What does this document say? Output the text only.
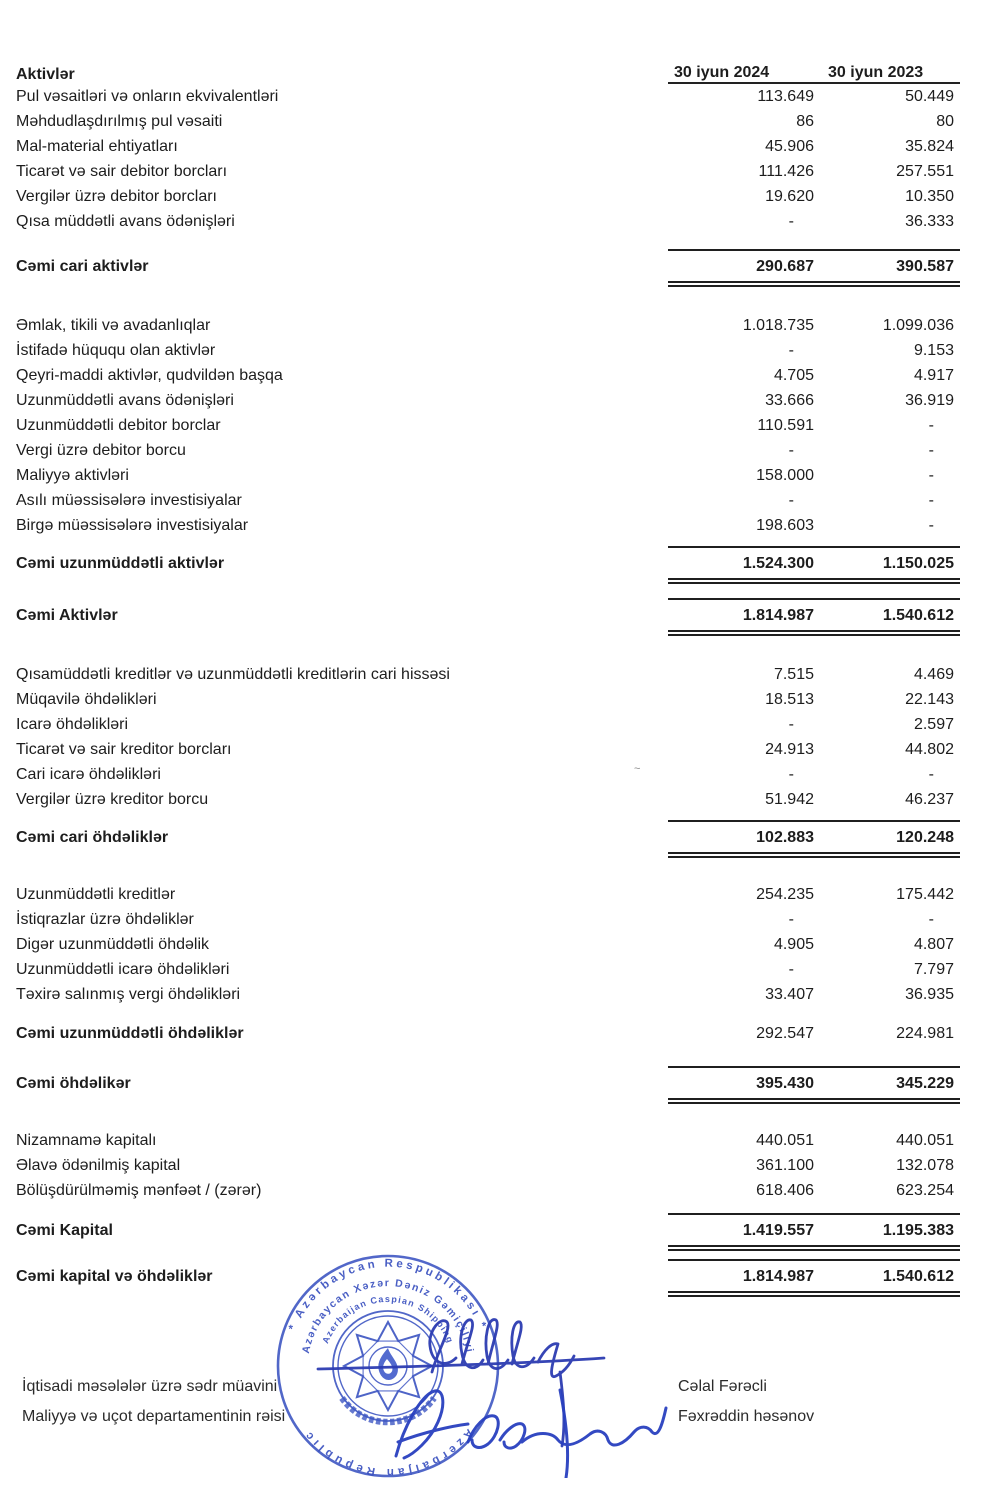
Aktivlər	30 iyun 2024	30 iyun 2023
Pul vəsaitləri və onların ekvivalentləri	113.649	50.449
Məhdudlaşdırılmış pul vəsaiti	86	80
Mal-material ehtiyatları	45.906	35.824
Ticarət və sair debitor borcları	111.426	257.551
Vergilər üzrə debitor borcları	19.620	10.350
Qısa müddətli avans ödənişləri	-	36.333
Cəmi cari aktivlər	290.687	390.587
Əmlak, tikili və avadanlıqlar	1.018.735	1.099.036
İstifadə hüququ olan aktivlər	-	9.153
Qeyri-maddi aktivlər, qudvildən başqa	4.705	4.917
Uzunmüddətli avans ödənişləri	33.666	36.919
Uzunmüddətli debitor borclar	110.591	-
Vergi üzrə debitor borcu	-	-
Maliyyə aktivləri	158.000	-
Asılı müəssisələrə investisiyalar	-	-
Birgə müəssisələrə investisiyalar	198.603	-
Cəmi uzunmüddətli aktivlər	1.524.300	1.150.025
Cəmi Aktivlər	1.814.987	1.540.612
Qısamüddətli kreditlər və uzunmüddətli kreditlərin cari hissəsi	7.515	4.469
Müqavilə öhdəlikləri	18.513	22.143
Icarə öhdəlikləri	-	2.597
Ticarət və sair kreditor borcları	24.913	44.802
Cari icarə öhdəlikləri	-	-
Vergilər üzrə kreditor borcu	51.942	46.237
Cəmi cari öhdəliklər	102.883	120.248
Uzunmüddətli kreditlər	254.235	175.442
İstiqrazlar üzrə öhdəliklər	-	-
Digər uzunmüddətli öhdəlik	4.905	4.807
Uzunmüddətli icarə öhdəlikləri	-	7.797
Təxirə salınmış vergi öhdəlikləri	33.407	36.935
Cəmi uzunmüddətli öhdəliklər	292.547	224.981
Cəmi öhdəlikər	395.430	345.229
Nizamnamə kapitalı	440.051	440.051
Əlavə ödənilmiş kapital	361.100	132.078
Bölüşdürülməmiş mənfəət / (zərər)	618.406	623.254
Cəmi Kapital	1.419.557	1.195.383
Cəmi kapital və öhdəliklər	1.814.987	1.540.612
~
* Azərbaycan Respublikası *
Azerbaijan Republic
Azərbaycan Xəzər Dəniz Gəmiçiliyi
Azerbaijan Caspian Shipping
İqtisadi məsələlər üzrə sədr müavini
Maliyyə və uçot departamentinin rəisi
Cəlal Fərəcli
Fəxrəddin həsənov
